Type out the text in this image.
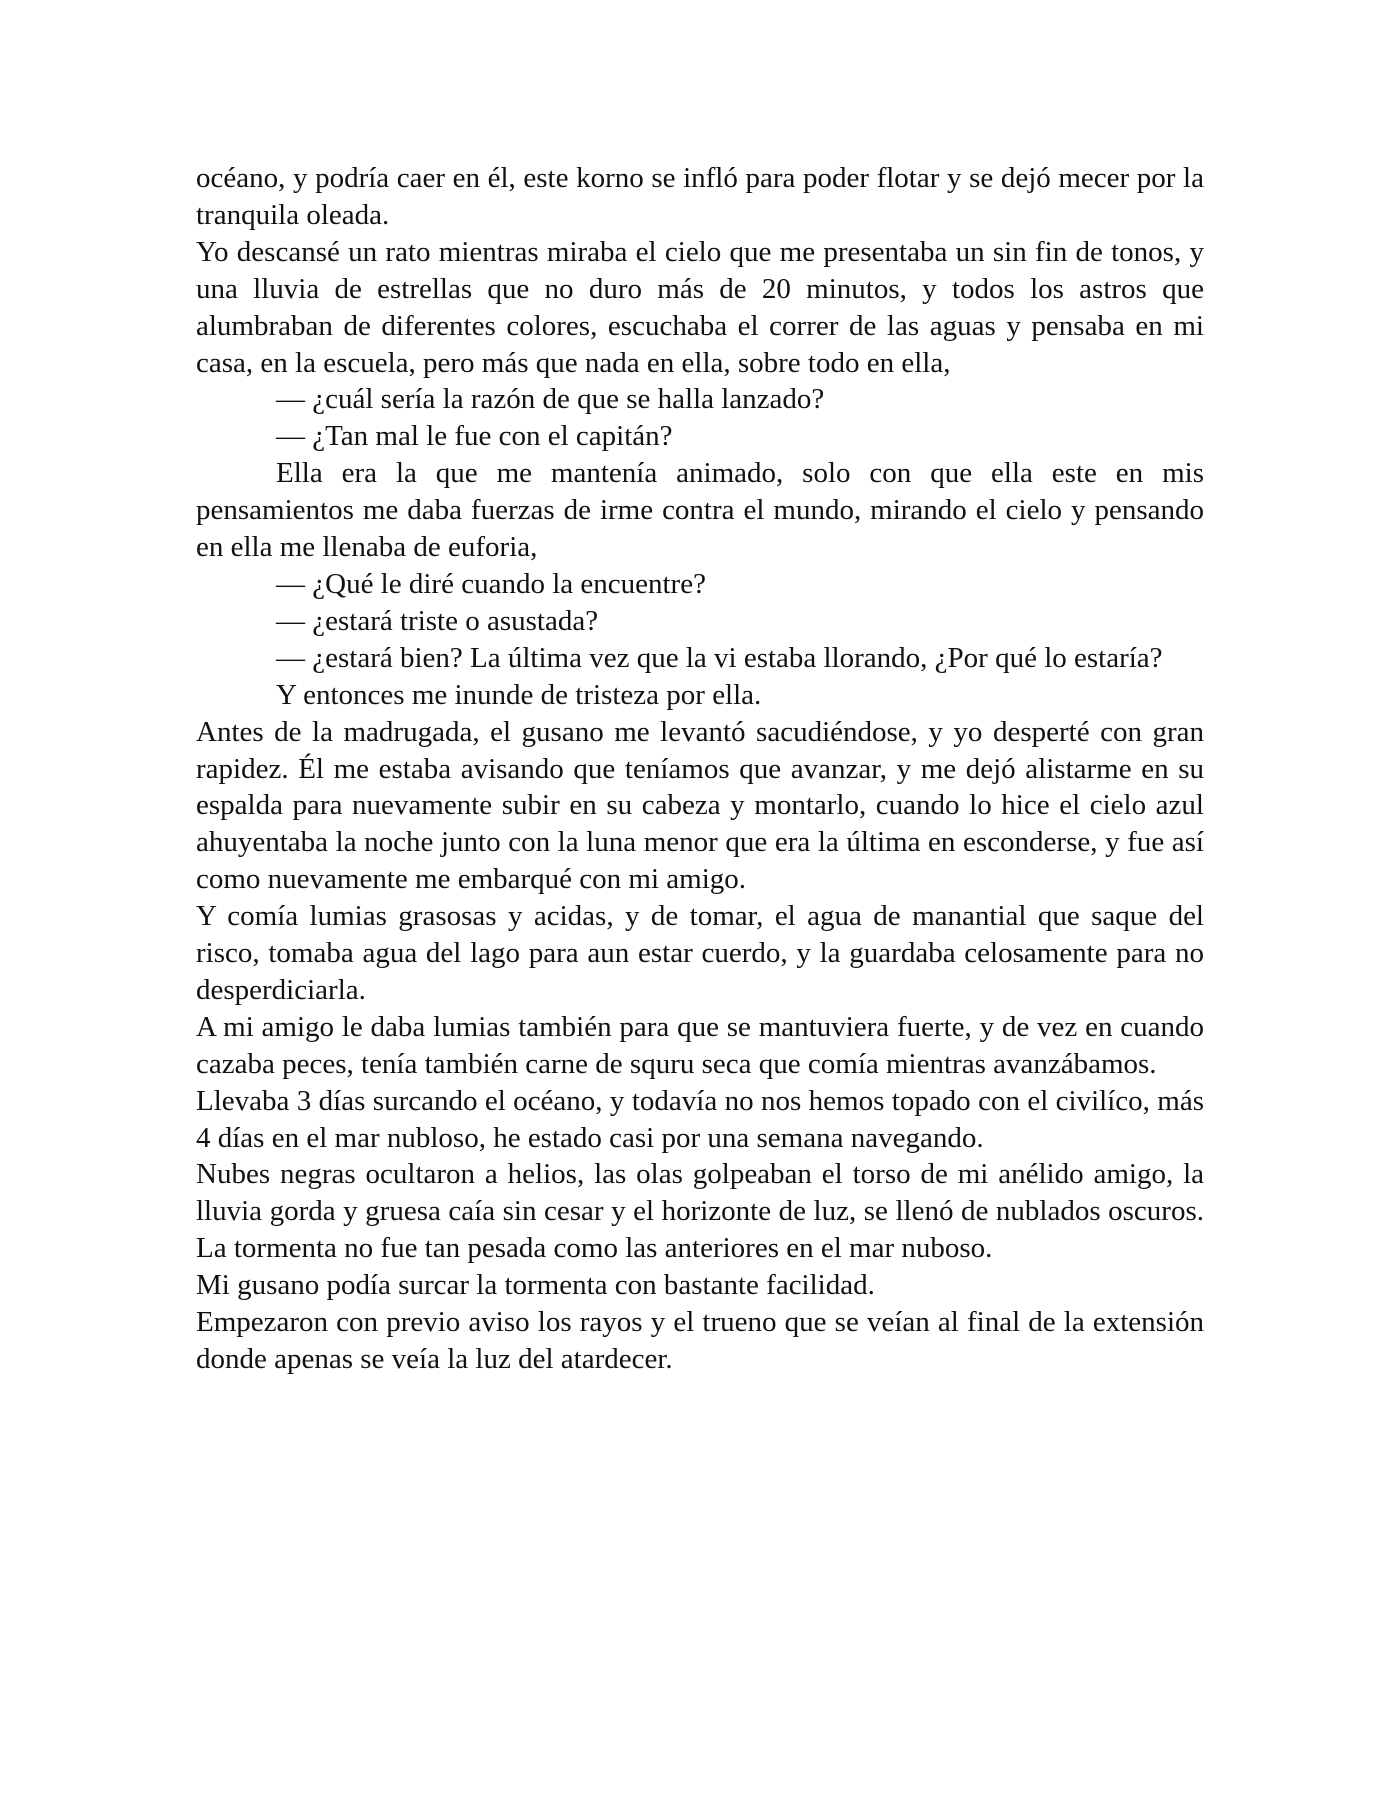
océano, y podría caer en él, este korno se infló para poder flotar y se dejó mecer por la tranquila oleada.

Yo descansé un rato mientras miraba el cielo que me presentaba un sin fin de tonos, y una lluvia de estrellas que no duro más de 20 minutos, y todos los astros que alumbraban de diferentes colores, escuchaba el correr de las aguas y pensaba en mi casa, en la escuela, pero más que nada en ella, sobre todo en ella,

— ¿cuál sería la razón de que se halla lanzado?

— ¿Tan mal le fue con el capitán?

Ella era la que me mantenía animado, solo con que ella este en mis pensamientos me daba fuerzas de irme contra el mundo, mirando el cielo y pensando en ella me llenaba de euforia,

— ¿Qué le diré cuando la encuentre?

— ¿estará triste o asustada?

— ¿estará bien? La última vez que la vi estaba llorando, ¿Por qué lo estaría?

Y entonces me inunde de tristeza por ella.

Antes de la madrugada, el gusano me levantó sacudiéndose, y yo desperté con gran rapidez. Él me estaba avisando que teníamos que avanzar, y me dejó alistarme en su espalda para nuevamente subir en su cabeza y montarlo, cuando lo hice el cielo azul ahuyentaba la noche junto con la luna menor que era la última en esconderse, y fue así como nuevamente me embarqué con mi amigo.

Y comía lumias grasosas y acidas, y de tomar, el agua de manantial que saque del risco, tomaba agua del lago para aun estar cuerdo, y la guardaba celosamente para no desperdiciarla.

A mi amigo le daba lumias también para que se mantuviera fuerte, y de vez en cuando cazaba peces, tenía también carne de squru seca que comía mientras avanzábamos.

Llevaba 3 días surcando el océano, y todavía no nos hemos topado con el civilíco, más 4 días en el mar nubloso, he estado casi por una semana navegando.

Nubes negras ocultaron a helios, las olas golpeaban el torso de mi anélido amigo, la lluvia gorda y gruesa caía sin cesar y el horizonte de luz, se llenó de nublados oscuros. La tormenta no fue tan pesada como las anteriores en el mar nuboso.

Mi gusano podía surcar la tormenta con bastante facilidad.

Empezaron con previo aviso los rayos y el trueno que se veían al final de la extensión donde apenas se veía la luz del atardecer.
